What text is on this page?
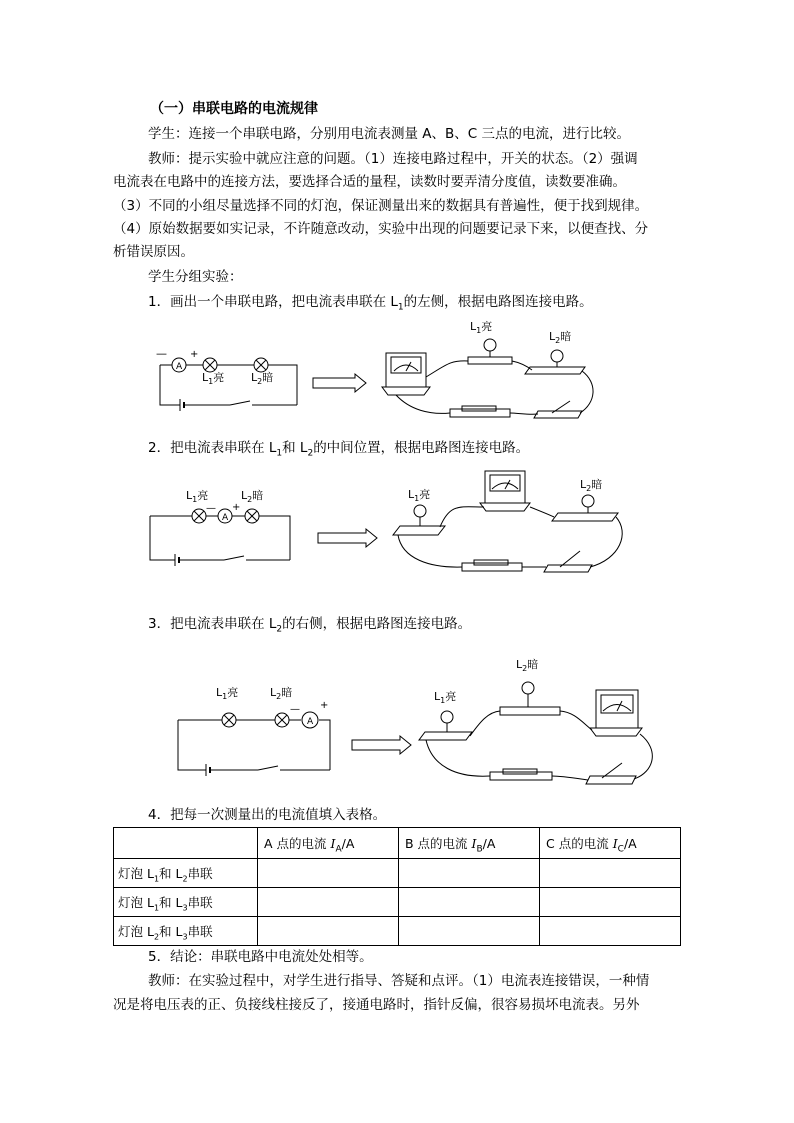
（一）串联电路的电流规律
学生：连接一个串联电路，分别用电流表测量 A、B、C 三点的电流，进行比较。
教师：提示实验中就应注意的问题。（1）连接电路过程中，开关的状态。（2）强调
电流表在电路中的连接方法，要选择合适的量程，读数时要弄清分度值，读数要准确。
（3）不同的小组尽量选择不同的灯泡，保证测量出来的数据具有普遍性，便于找到规律。
（4）原始数据要如实记录，不许随意改动，实验中出现的问题要记录下来，以便查找、分
析错误原因。
学生分组实验：
1．画出一个串联电路，把电流表串联在 $L_1$的左侧，根据电路图连接电路。
A
— +
$L_1$亮 $L_2$暗
$L_1$亮
$L_2$暗
2．把电流表串联在 $L_1$和 $L_2$的中间位置，根据电路图连接电路。
A
— +
$L_1$亮	$L_2$暗	$L_1$亮
$L_2$暗
3．把电流表串联在 $L_2$的右侧，根据电路图连接电路。
A
— +
$L_1$亮	$L_2$暗
$L_2$暗
$L_1$亮
4．把每一次测量出的电流值填入表格。
	A 点的电流 $I_A/A$	B 点的电流 $I_B/A$	C 点的电流 $I_C/A$
灯泡 $L_1$和 $L_2$串联			
灯泡 $L_1$和 $L_3$串联			
灯泡 $L_2$和 $L_3$串联			
5．结论：串联电路中电流处处相等。
教师：在实验过程中，对学生进行指导、答疑和点评。（1）电流表连接错误，一种情
况是将电压表的正、负接线柱接反了，接通电路时，指针反偏，很容易损坏电流表。另外
